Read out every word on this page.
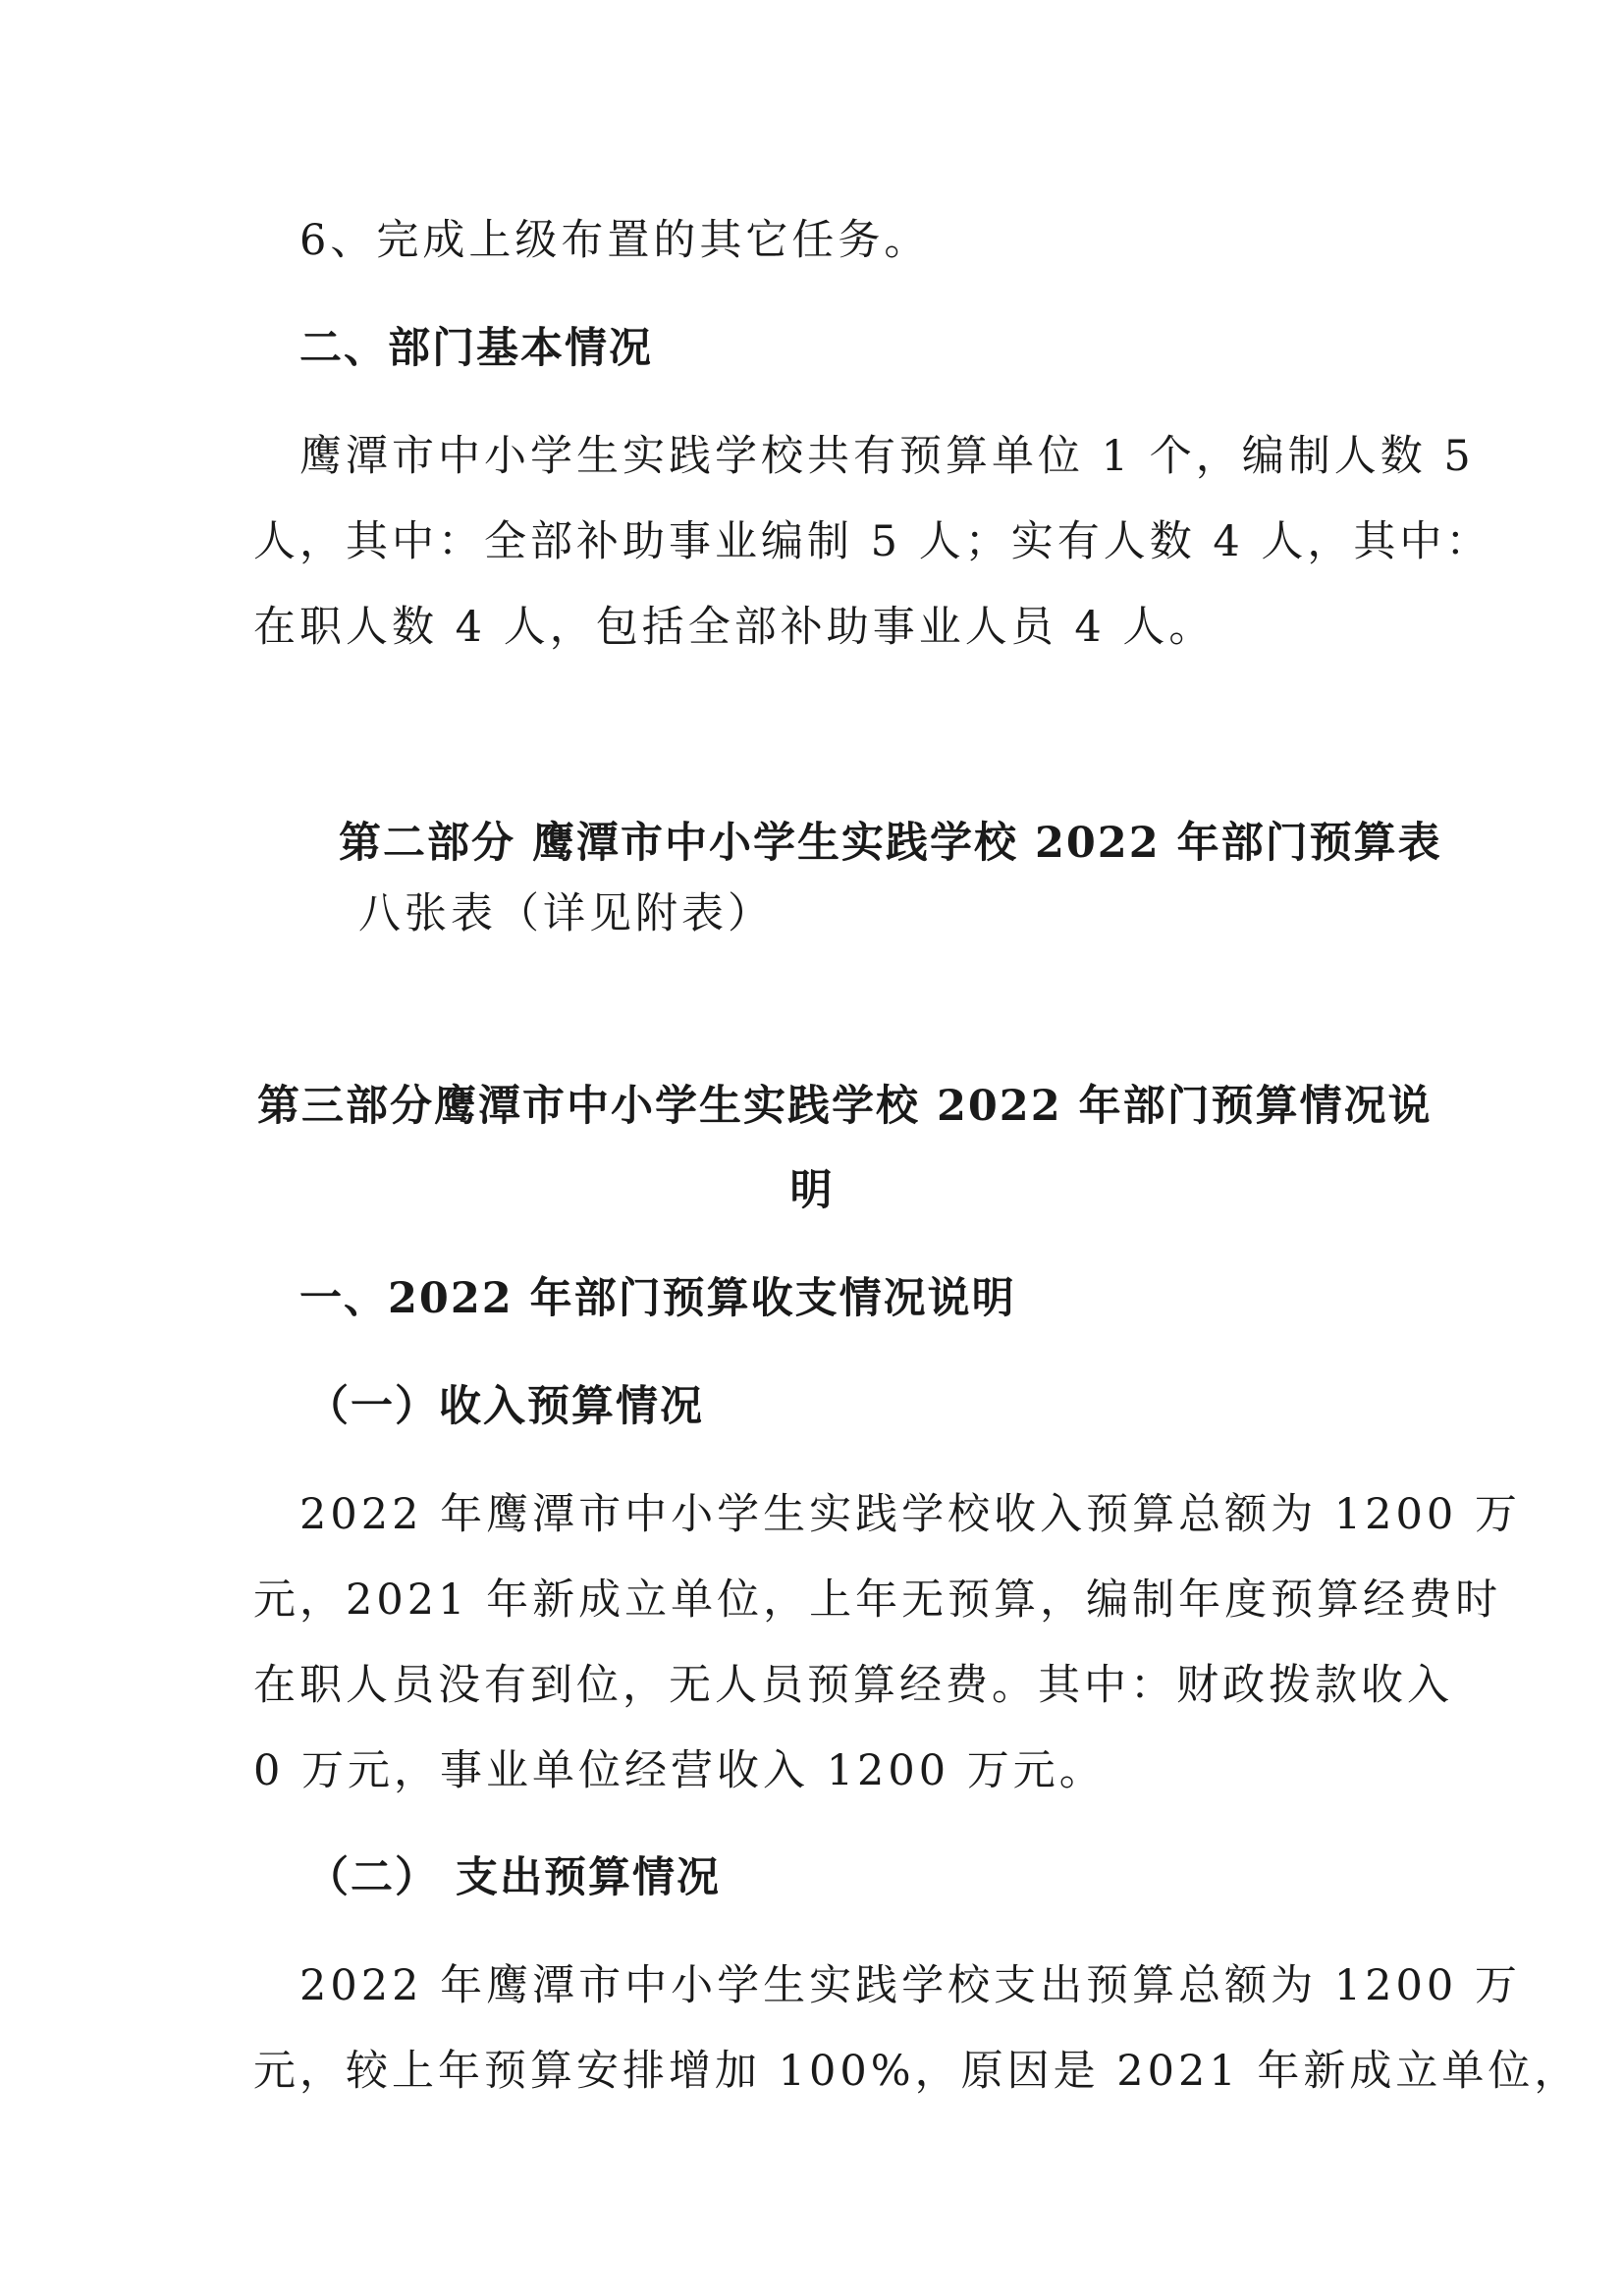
6、完成上级布置的其它任务。

二、部门基本情况

鹰潭市中小学生实践学校共有预算单位 1 个，编制人数 5

人，其中：全部补助事业编制 5 人；实有人数 4 人，其中：

在职人数 4 人，包括全部补助事业人员 4 人。

第二部分 鹰潭市中小学生实践学校 2022 年部门预算表

八张表（详见附表）

第三部分鹰潭市中小学生实践学校 2022 年部门预算情况说

明

一、2022 年部门预算收支情况说明

（一）收入预算情况

2022 年鹰潭市中小学生实践学校收入预算总额为 1200 万

元，2021 年新成立单位，上年无预算，编制年度预算经费时

在职人员没有到位，无人员预算经费。其中：财政拨款收入

0 万元，事业单位经营收入 1200 万元。

（二） 支出预算情况

2022 年鹰潭市中小学生实践学校支出预算总额为 1200 万

元，较上年预算安排增加 100%，原因是 2021 年新成立单位，
